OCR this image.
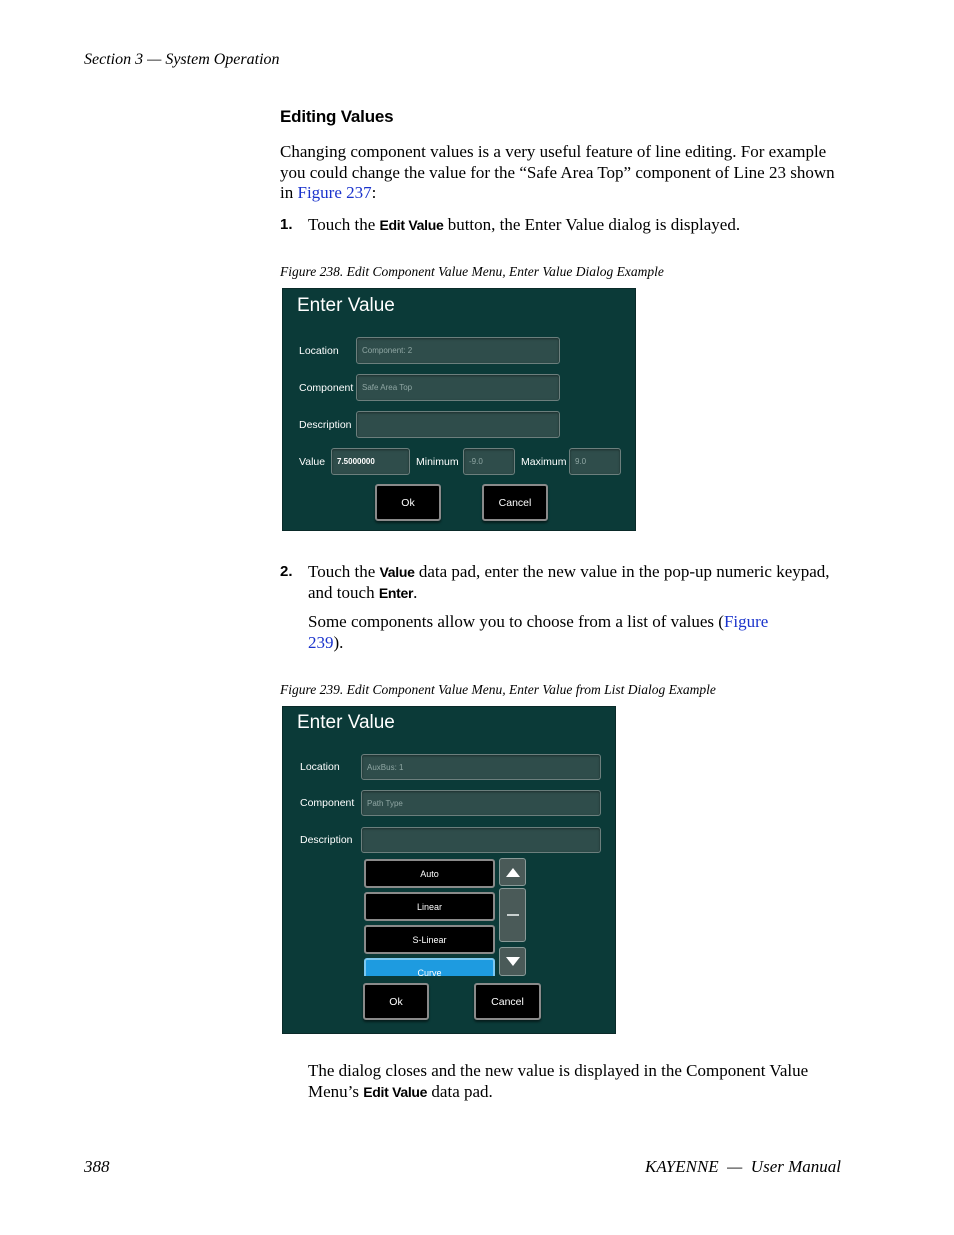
Section 3 — System Operation
Editing Values
Changing component values is a very useful feature of line editing. For example you could change the value for the “Safe Area Top” component of Line 23 shown in Figure 237:
1. Touch the Edit Value button, the Enter Value dialog is displayed.
Figure 238. Edit Component Value Menu, Enter Value Dialog Example
Enter Value
Location	Component: 2
Component	Safe Area Top
Description
Value	7.5000000	Minimum	-9.0	Maximum	9.0
Ok	Cancel
2. Touch the Value data pad, enter the new value in the pop-up numeric keypad, and touch Enter.
Some components allow you to choose from a list of values (Figure 239).
Figure 239. Edit Component Value Menu, Enter Value from List Dialog Example
Enter Value
Location	AuxBus: 1
Component	Path Type
Description
Auto
Linear
S-Linear
Curve
Ok	Cancel
The dialog closes and the new value is displayed in the Component Value Menu’s Edit Value data pad.
388	KAYENNE  —  User Manual
